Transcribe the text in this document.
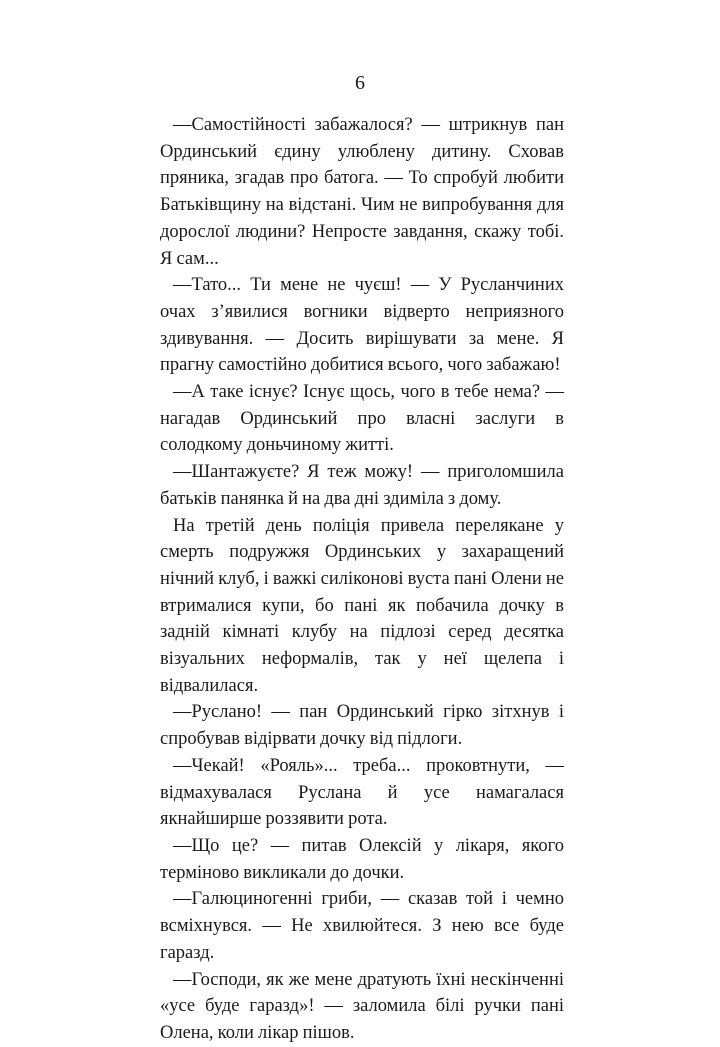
6

—Самостійності забажалося? — штрикнув пан Ординський єдину улюблену дитину. Сховав пряника, згадав про батога. — То спробуй любити Батьківщину на відстані. Чим не випробування для дорослої людини? Непросте завдання, скажу тобі. Я сам...

—Тато... Ти мене не чуєш! — У Русланчиних очах з’явилися вогники відверто неприязного здивування. — Досить вирішувати за мене. Я прагну самостійно добитися всього, чого забажаю!

—А таке існує? Існує щось, чого в тебе нема? — нагадав Ординський про власні заслуги в солодкому доньчиному житті.

—Шантажуєте? Я теж можу! — приголомшила батьків панянка й на два дні здиміла з дому.

На третій день поліція привела перелякане у смерть подружжя Ординських у захаращений нічний клуб, і важкі силіконові вуста пані Олени не втрималися купи, бо пані як побачила дочку в задній кімнаті клубу на підлозі серед десятка візуальних неформалів, так у неї щелепа і відвалилася.

—Руслано! — пан Ординський гірко зітхнув і спробував відірвати дочку від підлоги.

—Чекай! «Рояль»... треба... проковтнути, — відмахувалася Руслана й усе намагалася якнайширше роззявити рота.

—Що це? — питав Олексій у лікаря, якого терміново викликали до дочки.

—Галюциногенні гриби, — сказав той і чемно всміхнувся. — Не хвилюйтеся. З нею все буде гаразд.

—Господи, як же мене дратують їхні нескінченні «усе буде гаразд»! — заломила білі ручки пані Олена, коли лікар пішов.
